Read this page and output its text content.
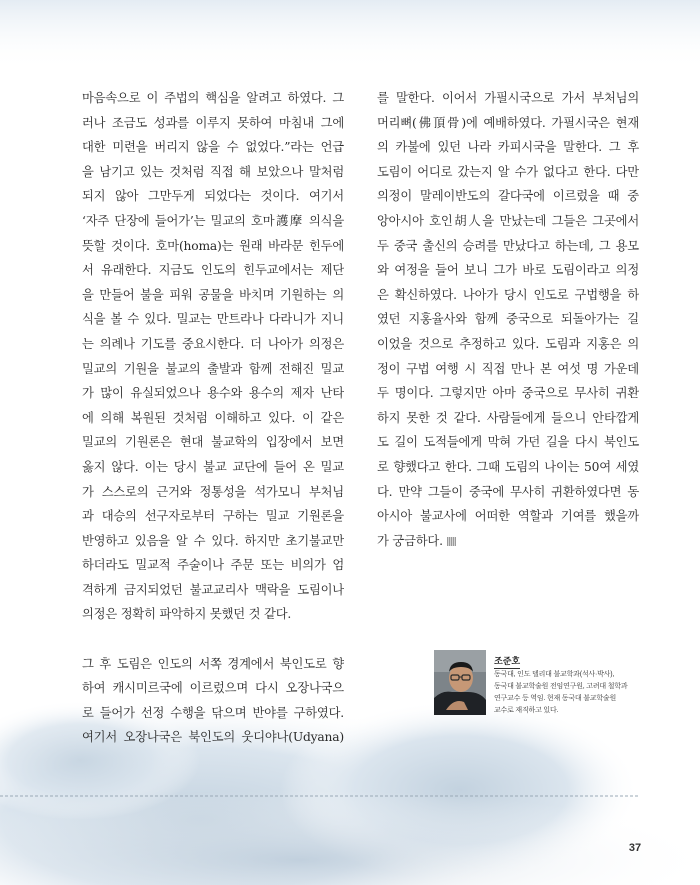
마음속으로 이 주법의 핵심을 알려고 하였다. 그
러나 조금도 성과를 이루지 못하여 마침내 그에
대한 미련을 버리지 않을 수 없었다.”라는 언급
을 남기고 있는 것처럼 직접 해 보았으나 말처럼
되지 않아 그만두게 되었다는 것이다. 여기서
‘자주 단장에 들어가’는 밀교의 호마護摩 의식을
뜻할 것이다. 호마(homa)는 원래 바라문 힌두에
서 유래한다. 지금도 인도의 힌두교에서는 제단
을 만들어 불을 피워 공물을 바치며 기원하는 의
식을 볼 수 있다. 밀교는 만트라나 다라니가 지니
는 의례나 기도를 중요시한다. 더 나아가 의정은
밀교의 기원을 불교의 출발과 함께 전해진 밀교
가 많이 유실되었으나 용수와 용수의 제자 난타
에 의해 복원된 것처럼 이해하고 있다. 이 같은
밀교의 기원론은 현대 불교학의 입장에서 보면
옳지 않다. 이는 당시 불교 교단에 들어 온 밀교
가 스스로의 근거와 정통성을 석가모니 부처님
과 대승의 선구자로부터 구하는 밀교 기원론을
반영하고 있음을 알 수 있다. 하지만 초기불교만
하더라도 밀교적 주술이나 주문 또는 비의가 엄
격하게 금지되었던 불교교리사 맥락을 도림이나
의정은 정확히 파악하지 못했던 것 같다.
그 후 도림은 인도의 서쪽 경계에서 북인도로 향
하여 캐시미르국에 이르렀으며 다시 오장나국으
로 들어가 선정 수행을 닦으며 반야를 구하였다.
여기서 오장나국은 북인도의 웃디야나(Udyana)
를 말한다. 이어서 가필시국으로 가서 부처님의
머리뼈(佛頂骨)에 예배하였다. 가필시국은 현재
의 카불에 있던 나라 카피시국을 말한다. 그 후
도림이 어디로 갔는지 알 수가 없다고 한다. 다만
의정이 말레이반도의 갈다국에 이르렀을 때 중
앙아시아 호인胡人을 만났는데 그들은 그곳에서
두 중국 출신의 승려를 만났다고 하는데, 그 용모
와 여정을 들어 보니 그가 바로 도림이라고 의정
은 확신하였다. 나아가 당시 인도로 구법행을 하
였던 지홍율사와 함께 중국으로 되돌아가는 길
이었을 것으로 추정하고 있다. 도림과 지홍은 의
정이 구법 여행 시 직접 만나 본 여섯 명 가운데
두 명이다. 그렇지만 아마 중국으로 무사히 귀환
하지 못한 것 같다. 사람들에게 들으니 안타깝게
도 길이 도적들에게 막혀 가던 길을 다시 북인도
로 향했다고 한다. 그때 도림의 나이는 50여 세였
다. 만약 그들이 중국에 무사히 귀환하였다면 동
아시아 불교사에 어떠한 역할과 기여를 했을까
가 궁금하다.
조준호
동국대, 인도 델리대 불교학과(석사·박사),
동국대 불교학술원 전임연구원, 고려대 철학과
연구교수 등 역임. 현재 동국대 불교학술원
교수로 재직하고 있다.
37
